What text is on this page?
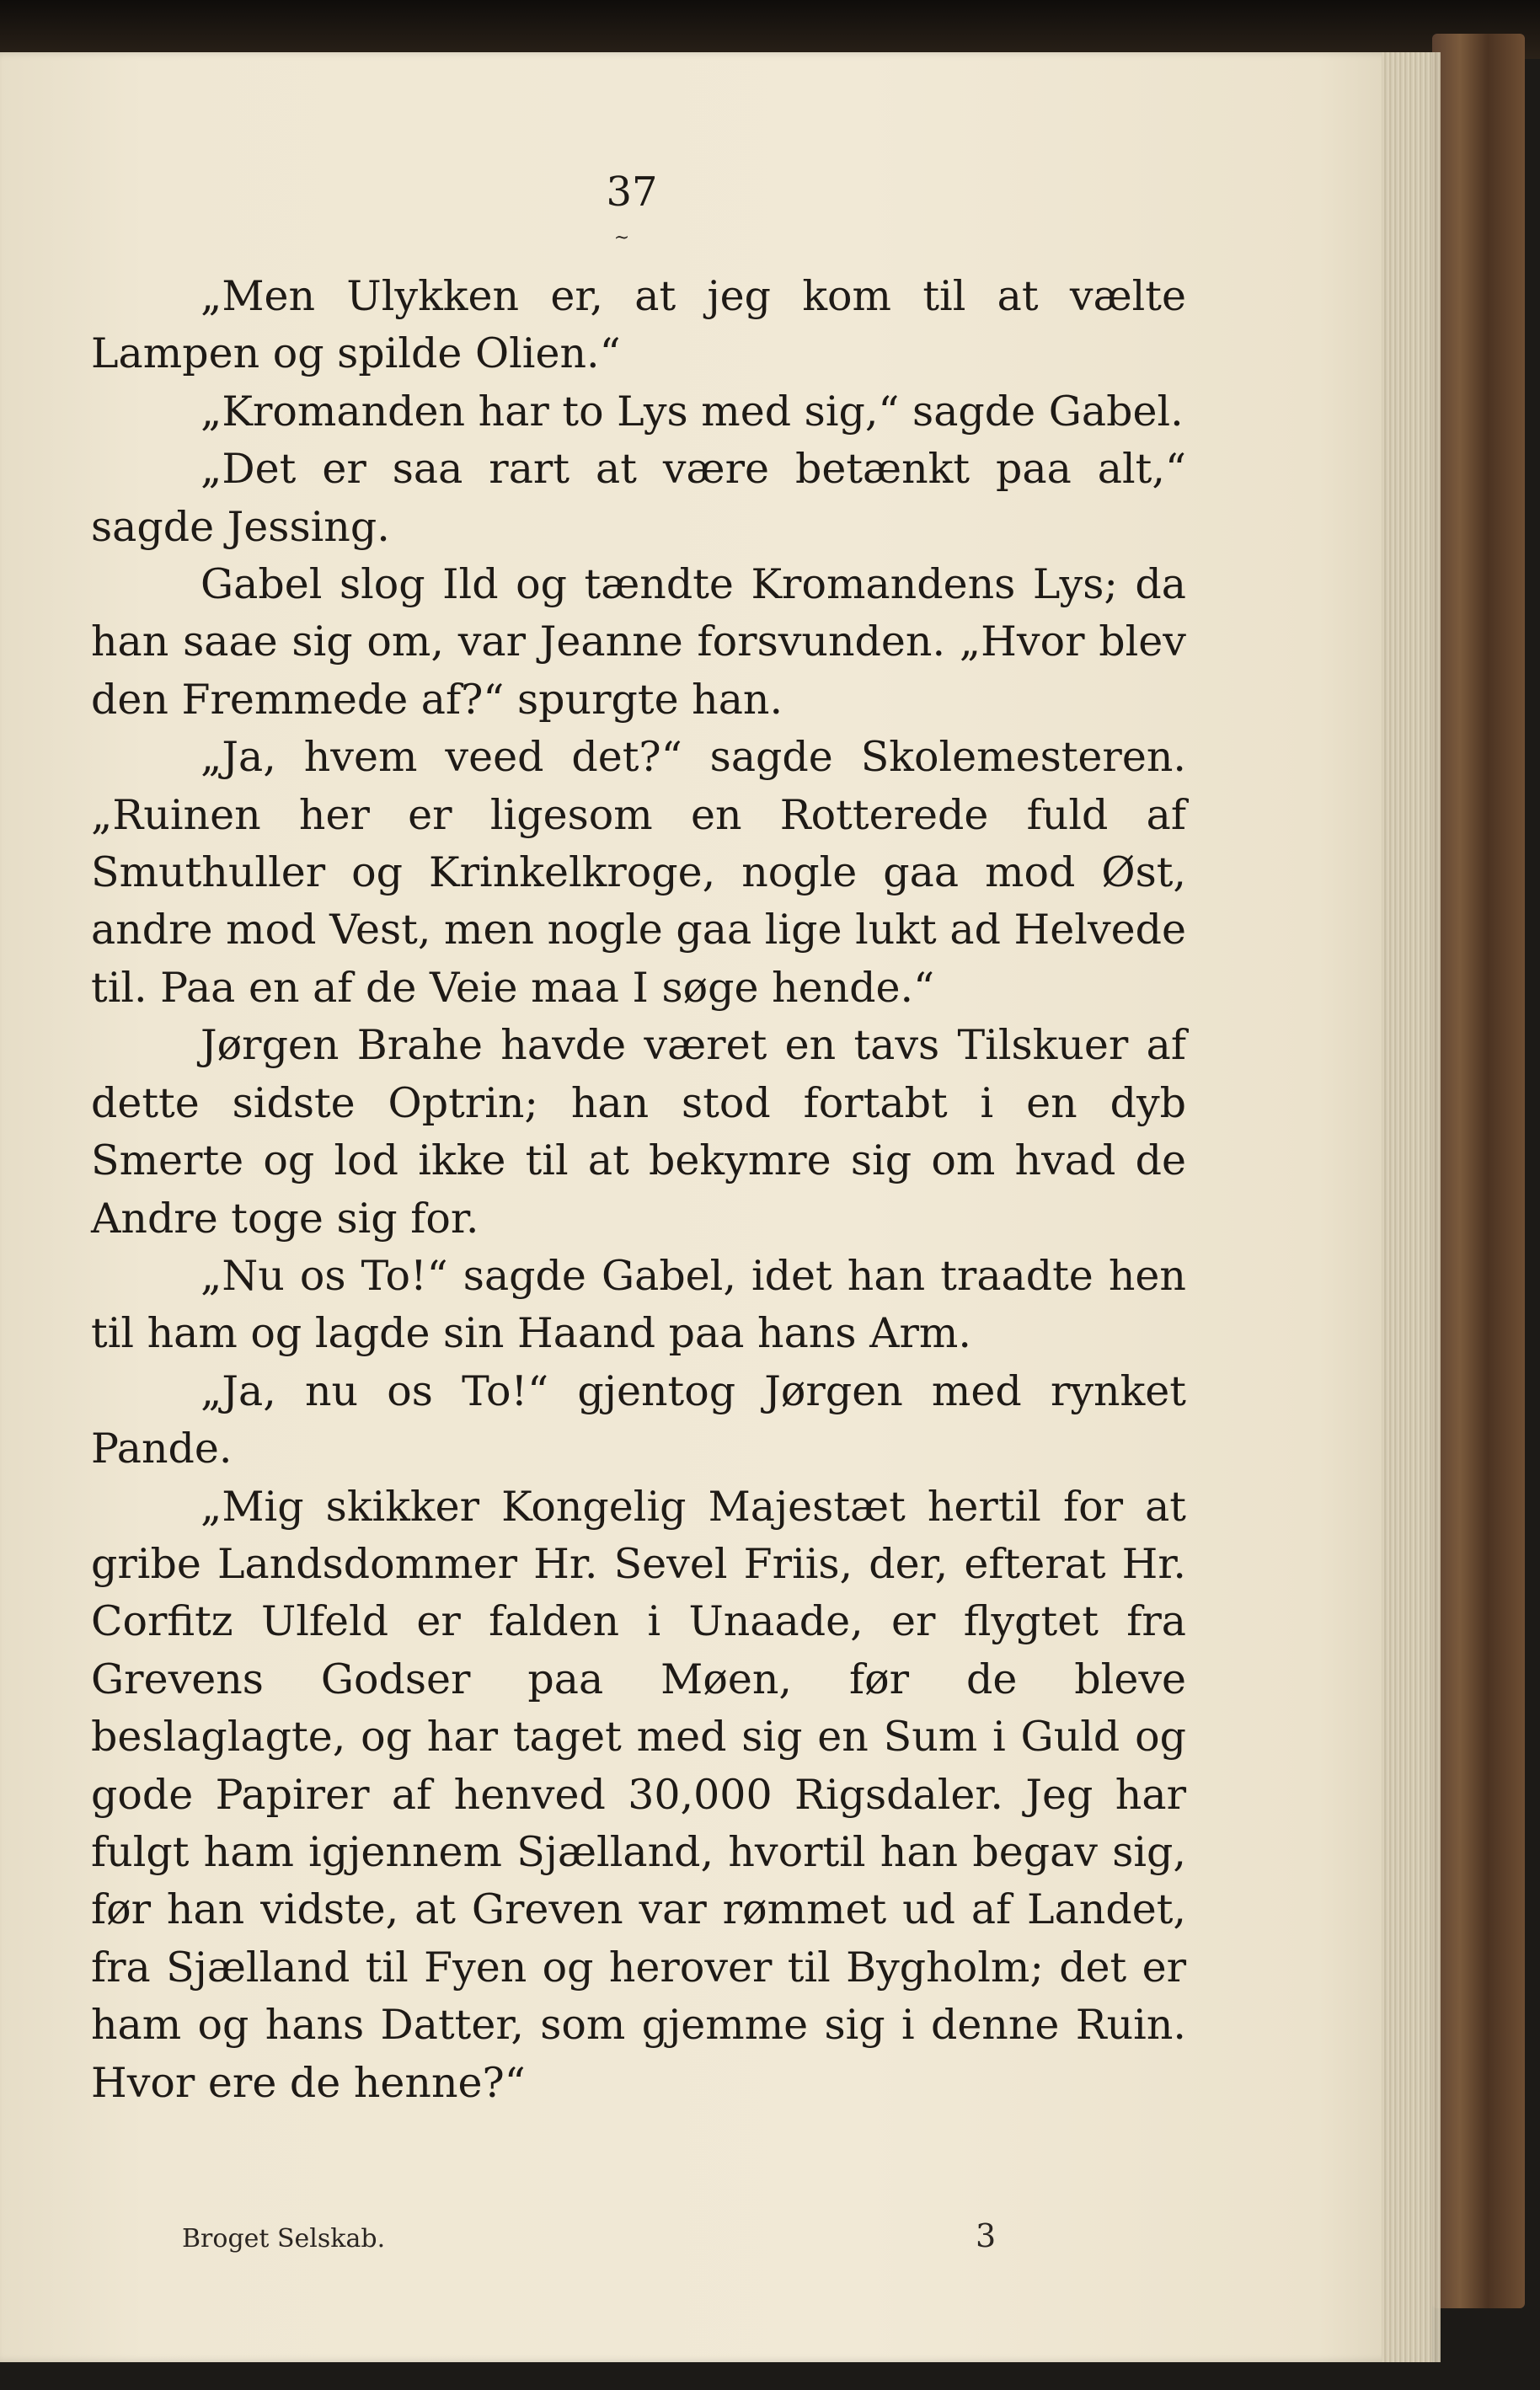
37
~

„Men Ulykken er, at jeg kom til at vælte Lampen og spilde Olien.“

„Kromanden har to Lys med sig,“ sagde Gabel.

„Det er saa rart at være betænkt paa alt,“ sagde Jessing.

Gabel slog Ild og tændte Kromandens Lys; da han saae sig om, var Jeanne forsvunden. „Hvor blev den Fremmede af?“ spurgte han.

„Ja, hvem veed det?“ sagde Skolemesteren. „Ruinen her er ligesom en Rotterede fuld af Smuthuller og Krinkelkroge, nogle gaa mod Øst, andre mod Vest, men nogle gaa lige lukt ad Helvede til. Paa en af de Veie maa I søge hende.“

Jørgen Brahe havde været en tavs Tilskuer af dette sidste Optrin; han stod fortabt i en dyb Smerte og lod ikke til at bekymre sig om hvad de Andre toge sig for.

„Nu os To!“ sagde Gabel, idet han traadte hen til ham og lagde sin Haand paa hans Arm.

„Ja, nu os To!“ gjentog Jørgen med rynket Pande.

„Mig skikker Kongelig Majestæt hertil for at gribe Landsdommer Hr. Sevel Friis, der, efterat Hr. Corfitz Ulfeld er falden i Unaade, er flygtet fra Grevens Godser paa Møen, før de bleve beslaglagte, og har taget med sig en Sum i Guld og gode Papirer af henved 30,000 Rigsdaler. Jeg har fulgt ham igjennem Sjælland, hvortil han begav sig, før han vidste, at Greven var rømmet ud af Landet, fra Sjælland til Fyen og herover til Bygholm; det er ham og hans Datter, som gjemme sig i denne Ruin. Hvor ere de henne?“

Broget Selskab.	3
